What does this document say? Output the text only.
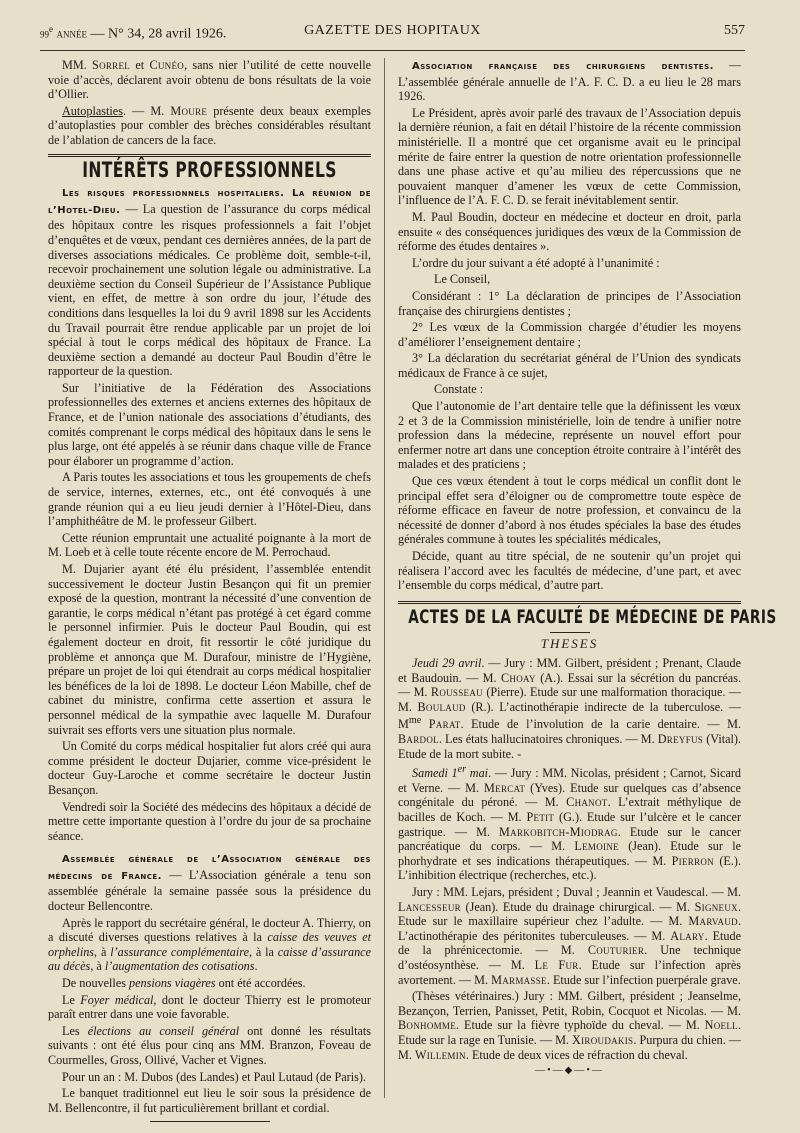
99e ANNÉE — N° 34, 28 avril 1926.	GAZETTE DES HOPITAUX	557

MM. Sorrel et Cunéo, sans nier l’utilité de cette nouvelle voie d’accès, déclarent avoir obtenu de bons résultats de la voie d’Ollier.

Autoplasties. — M. Moure présente deux beaux exemples d’autoplasties pour combler des brèches considérables résultant de l’ablation de cancers de la face.

INTÉRÊTS PROFESSIONNELS

Les risques professionnels hospitaliers. La réunion de l’Hotel-Dieu. — La question de l’assurance du corps médical des hôpitaux contre les risques professionnels a fait l’objet d’enquêtes et de vœux, pendant ces dernières années, de la part de diverses associations médicales. Ce problème doit, semble-t-il, recevoir prochainement une solution légale ou administrative. La deuxième section du Conseil Supérieur de l’Assistance Publique vient, en effet, de mettre à son ordre du jour, l’étude des conditions dans lesquelles la loi du 9 avril 1898 sur les Accidents du Travail pourrait être rendue applicable par un projet de loi spécial à tout le corps médical des hôpitaux de France. La deuxième section a demandé au docteur Paul Boudin d’être le rapporteur de la question.

Sur l’initiative de la Fédération des Associations professionnelles des externes et anciens externes des hôpitaux de France, et de l’union nationale des associations d’étudiants, des comités comprenant le corps médical des hôpitaux dans le sens le plus large, ont été appelés à se réunir dans chaque ville de France pour élaborer un programme d’action.

A Paris toutes les associations et tous les groupements de chefs de service, internes, externes, etc., ont été convoqués à une grande réunion qui a eu lieu jeudi dernier à l’Hôtel-Dieu, dans l’amphithéâtre de M. le professeur Gilbert.

Cette réunion empruntait une actualité poignante à la mort de M. Loeb et à celle toute récente encore de M. Perrochaud.

M. Dujarier ayant été élu président, l’assemblée entendit successivement le docteur Justin Besançon qui fit un premier exposé de la question, montrant la nécessité d’une convention de garantie, le corps médical n’étant pas protégé à cet égard comme le personnel infirmier. Puis le docteur Paul Boudin, qui est également docteur en droit, fit ressortir le côté juridique du problème et annonça que M. Durafour, ministre de l’Hygiène, prépare un projet de loi qui étendrait au corps médical hospitalier les bénéfices de la loi de 1898. Le docteur Léon Mabille, chef de cabinet du ministre, confirma cette assertion et assura le personnel médical de la sympathie avec laquelle M. Durafour suivrait ses efforts vers une situation plus normale.

Un Comité du corps médical hospitalier fut alors créé qui aura comme président le docteur Dujarier, comme vice-président le docteur Guy-Laroche et comme secrétaire le docteur Justin Besançon.

Vendredi soir la Société des médecins des hôpitaux a décidé de mettre cette importante question à l’ordre du jour de sa prochaine séance.

Assemblée générale de l’Association générale des médecins de France. — L’Association générale a tenu son assemblée générale la semaine passée sous la présidence du docteur Bellencontre.

Après le rapport du secrétaire général, le docteur A. Thierry, on a discuté diverses questions relatives à la caisse des veuves et orphelins, à l’assurance complémentaire, à la caisse d’assurance au décès, à l’augmentation des cotisations.

De nouvelles pensions viagères ont été accordées.

Le Foyer médical, dont le docteur Thierry est le promoteur paraît entrer dans une voie favorable.

Les élections au conseil général ont donné les résultats suivants : ont été élus pour cinq ans MM. Branzon, Foveau de Courmelles, Gross, Ollivé, Vacher et Vignes.

Pour un an : M. Dubos (des Landes) et Paul Lutaud (de Paris).

Le banquet traditionnel eut lieu le soir sous la présidence de M. Bellencontre, il fut particulièrement brillant et cordial.

Association française des chirurgiens dentistes. — L’assemblée générale annuelle de l’A. F. C. D. a eu lieu le 28 mars 1926.

Le Président, après avoir parlé des travaux de l’Association depuis la dernière réunion, a fait en détail l’histoire de la récente commission ministérielle. Il a montré que cet organisme avait eu le principal mérite de faire entrer la question de notre orientation professionnelle dans une phase active et qu’au milieu des répercussions que ne pouvaient manquer d’amener les vœux de cette Commission, l’influence de l’A. F. C. D. se ferait inévitablement sentir.

M. Paul Boudin, docteur en médecine et docteur en droit, parla ensuite « des conséquences juridiques des vœux de la Commission de réforme des études dentaires ».

L’ordre du jour suivant a été adopté à l’unanimité :

Le Conseil,

Considérant : 1° La déclaration de principes de l’Association française des chirurgiens dentistes ;

2° Les vœux de la Commission chargée d’étudier les moyens d’améliorer l’enseignement dentaire ;

3° La déclaration du secrétariat général de l’Union des syndicats médicaux de France à ce sujet,

Constate :

Que l’autonomie de l’art dentaire telle que la définissent les vœux 2 et 3 de la Commission ministérielle, loin de tendre à unifier notre profession dans la médecine, représente un nouvel effort pour enfermer notre art dans une conception étroite contraire à l’intérêt des malades et des praticiens ;

Que ces vœux étendent à tout le corps médical un conflit dont le principal effet sera d’éloigner ou de compromettre toute espèce de réforme efficace en faveur de notre profession, et convaincu de la nécessité de donner d’abord à nos études spéciales la base des études générales commune à toutes les spécialités médicales,

Décide, quant au titre spécial, de ne soutenir qu’un projet qui réalisera l’accord avec les facultés de médecine, d’une part, et avec l’ensemble du corps médical, d’autre part.

ACTES DE LA FACULTÉ DE MÉDECINE DE PARIS
THESES

Jeudi 29 avril. — Jury : MM. Gilbert, président ; Prenant, Claude et Baudouin. — M. Choay (A.). Essai sur la sécrétion du pancréas. — M. Rousseau (Pierre). Etude sur une malformation thoracique. — M. Boulaud (R.). L’actinothérapie indirecte de la tuberculose. — $M^{me}$ Parat. Etude de l’involution de la carie dentaire. — M. Bardol. Les états hallucinatoires chroniques. — M. Dreyfus (Vital). Etude de la mort subite. -

Samedi 1er mai. — Jury : MM. Nicolas, président ; Carnot, Sicard et Verne. — M. Mercat (Yves). Etude sur quelques cas d’absence congénitale du péroné. — M. Chanot. L’extrait méthylique de bacilles de Koch. — M. Petit (G.). Etude sur l’ulcère et le cancer gastrique. — M. Markobitch-Miodrag. Etude sur le cancer pancréatique du corps. — M. Lemoine (Jean). Etude sur le phorhydrate et ses indications thérapeutiques. — M. Pierron (E.). L’inhibition électrique (recherches, etc.).

Jury : MM. Lejars, président ; Duval ; Jeannin et Vaudescal. — M. Lancesseur (Jean). Etude du drainage chirurgical. — M. Signeux. Etude sur le maxillaire supérieur chez l’adulte. — M. Marvaud. L’actinothérapie des péritonites tuberculeuses. — M. Alary. Etude de la phrénicectomie. — M. Couturier. Une technique d’ostéosynthèse. — M. Le Fur. Etude sur l’infection après avortement. — M. Marmasse. Etude sur l’infection puerpérale grave.

(Thèses vétérinaires.) Jury : MM. Gilbert, président ; Jeanselme, Bezançon, Terrien, Panisset, Petit, Robin, Cocquot et Nicolas. — M. Bonhomme. Etude sur la fièvre typhoïde du cheval. — M. Noell. Etude sur la rage en Tunisie. — M. Xiroudakis. Purpura du chien. — M. Willemin. Etude de deux vices de réfraction du cheval.

—•—◆—•—
